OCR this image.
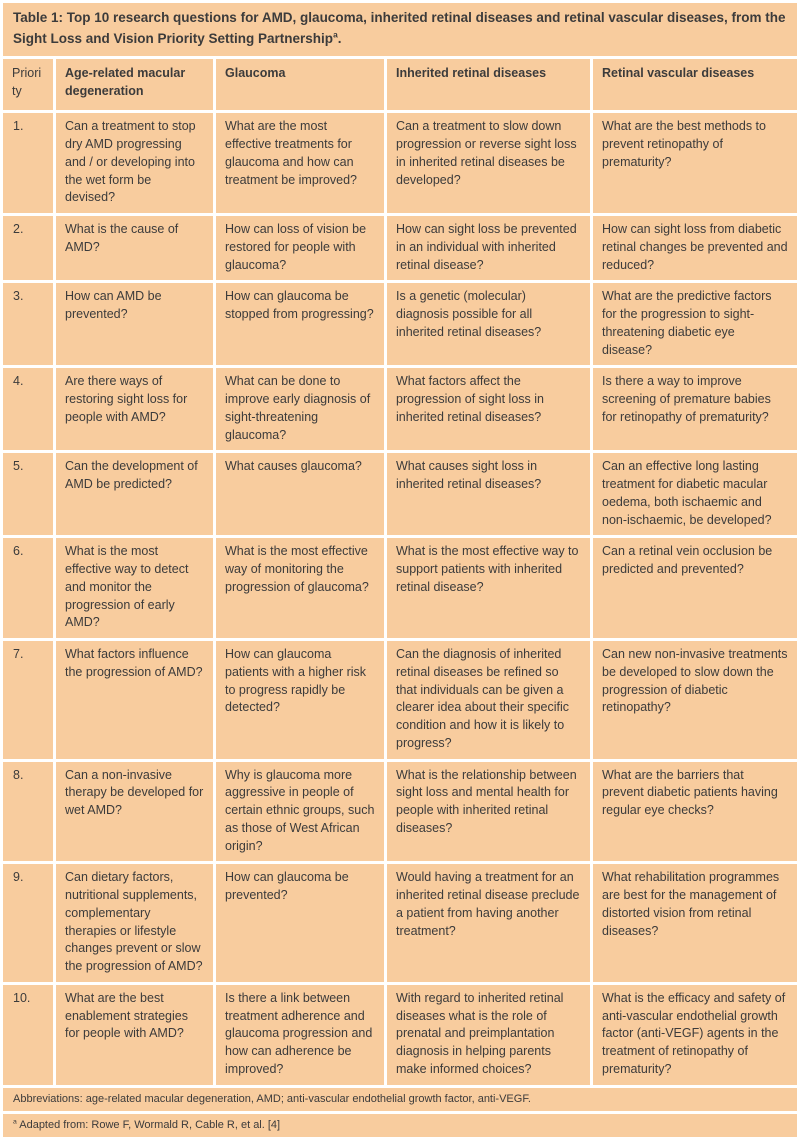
Table 1: Top 10 research questions for AMD, glaucoma, inherited retinal diseases and retinal vascular diseases, from the Sight Loss and Vision Priority Setting Partnership$^a$.				
Priority	Age-related macular degeneration	Glaucoma	Inherited retinal diseases	Retinal vascular diseases
1.	Can a treatment to stop dry AMD progressing and / or developing into the wet form be devised?	What are the most effective treatments for glaucoma and how can treatment be improved?	Can a treatment to slow down progression or reverse sight loss in inherited retinal diseases be developed?	What are the best methods to prevent retinopathy of prematurity?
2.	What is the cause of AMD?	How can loss of vision be restored for people with glaucoma?	How can sight loss be prevented in an individual with inherited retinal disease?	How can sight loss from diabetic retinal changes be prevented and reduced?
3.	How can AMD be prevented?	How can glaucoma be stopped from progressing?	Is a genetic (molecular) diagnosis possible for all inherited retinal diseases?	What are the predictive factors for the progression to sight-threatening diabetic eye disease?
4.	Are there ways of restoring sight loss for people with AMD?	What can be done to improve early diagnosis of sight-threatening glaucoma?	What factors affect the progression of sight loss in inherited retinal diseases?	Is there a way to improve screening of premature babies for retinopathy of prematurity?
5.	Can the development of AMD be predicted?	What causes glaucoma?	What causes sight loss in inherited retinal diseases?	Can an effective long lasting treatment for diabetic macular oedema, both ischaemic and non-ischaemic, be developed?
6.	What is the most effective way to detect and monitor the progression of early AMD?	What is the most effective way of monitoring the progression of glaucoma?	What is the most effective way to support patients with inherited retinal disease?	Can a retinal vein occlusion be predicted and prevented?
7.	What factors influence the progression of AMD?	How can glaucoma patients with a higher risk to progress rapidly be detected?	Can the diagnosis of inherited retinal diseases be refined so that individuals can be given a clearer idea about their specific condition and how it is likely to progress?	Can new non-invasive treatments be developed to slow down the progression of diabetic retinopathy?
8.	Can a non-invasive therapy be developed for wet AMD?	Why is glaucoma more aggressive in people of certain ethnic groups, such as those of West African origin?	What is the relationship between sight loss and mental health for people with inherited retinal diseases?	What are the barriers that prevent diabetic patients having regular eye checks?
9.	Can dietary factors, nutritional supplements, complementary therapies or lifestyle changes prevent or slow the progression of AMD?	How can glaucoma be prevented?	Would having a treatment for an inherited retinal disease preclude a patient from having another treatment?	What rehabilitation programmes are best for the management of distorted vision from retinal diseases?
10.	What are the best enablement strategies for people with AMD?	Is there a link between treatment adherence and glaucoma progression and how can adherence be improved?	With regard to inherited retinal diseases what is the role of prenatal and preimplantation diagnosis in helping parents make informed choices?	What is the efficacy and safety of anti-vascular endothelial growth factor (anti-VEGF) agents in the treatment of retinopathy of prematurity?
Abbreviations: age-related macular degeneration, AMD; anti-vascular endothelial growth factor, anti-VEGF.				
$^a$ Adapted from: Rowe F, Wormald R, Cable R, et al. [4]				
